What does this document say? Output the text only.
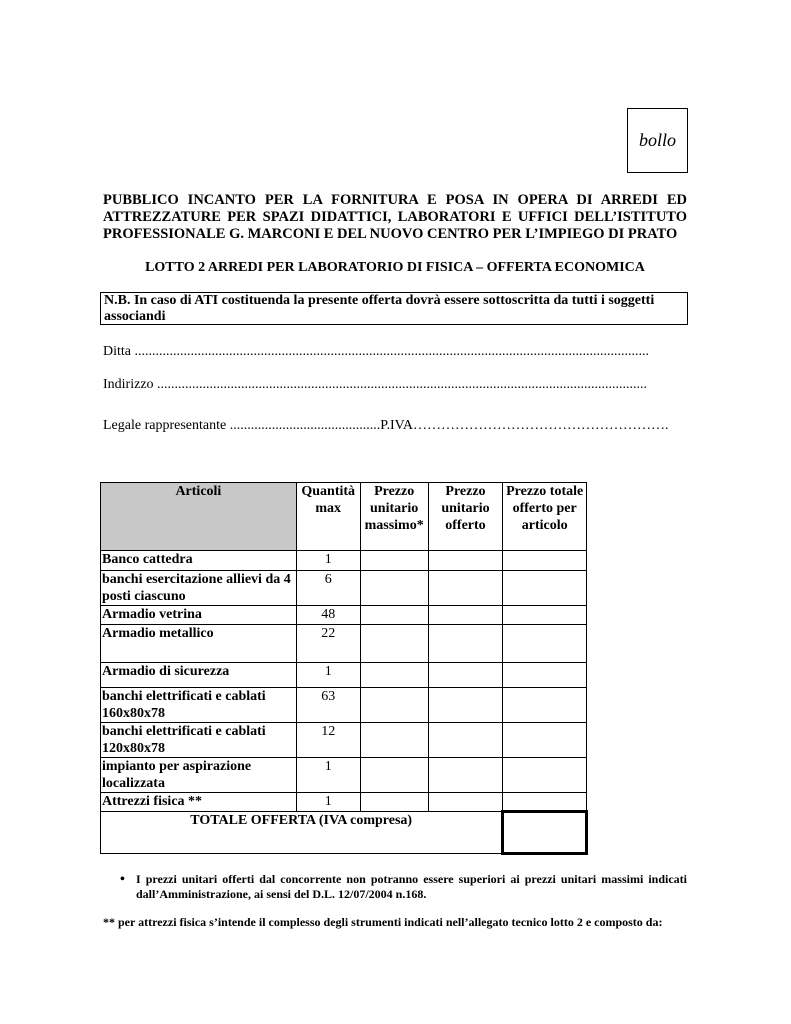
bollo
PUBBLICO INCANTO PER LA FORNITURA E POSA IN OPERA DI ARREDI ED
ATTREZZATURE PER SPAZI DIDATTICI, LABORATORI E UFFICI DELL’ISTITUTO
PROFESSIONALE G. MARCONI E DEL NUOVO CENTRO PER L’IMPIEGO DI PRATO
LOTTO 2 ARREDI PER LABORATORIO DI FISICA – OFFERTA ECONOMICA
N.B. In caso di ATI costituenda la presente offerta dovrà essere sottoscritta da tutti i soggetti associandi
Ditta ...................................................................................................................................................
Indirizzo ............................................................................................................................................
Legale rappresentante ...........................................P.IVA……………………………………………….
Articoli	Quantità max	Prezzo unitario massimo*	Prezzo unitario offerto	Prezzo totale offerto per articolo
Banco cattedra	1			
banchi esercitazione allievi da 4 posti ciascuno	6			
Armadio vetrina	48			
Armadio metallico	22			
Armadio di sicurezza	1			
banchi elettrificati e cablati 160x80x78	63			
banchi elettrificati e cablati 120x80x78	12			
impianto per aspirazione localizzata	1			
Attrezzi fisica **	1			
TOTALE OFFERTA (IVA compresa)				
• I prezzi unitari offerti dal concorrente non potranno essere superiori ai prezzi unitari massimi indicati dall’Amministrazione, ai sensi del D.L. 12/07/2004 n.168.
** per attrezzi fisica s’intende il complesso degli strumenti indicati nell’allegato tecnico lotto 2 e composto da:
